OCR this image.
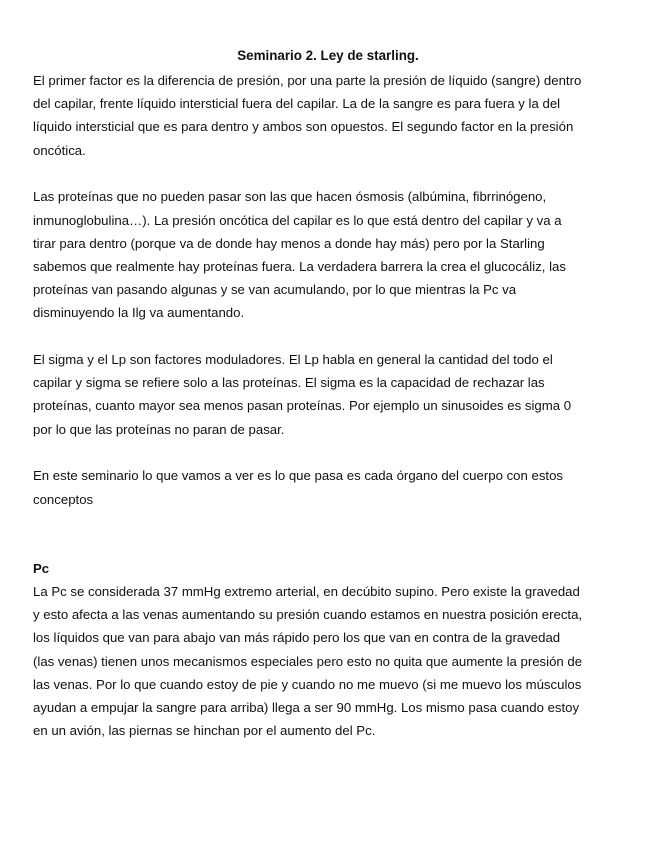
Seminario 2. Ley de starling.

El primer factor es la diferencia de presión, por una parte la presión de líquido (sangre) dentro
del capilar, frente líquido intersticial fuera del capilar. La de la sangre es para fuera y la del
líquido intersticial que es para dentro y ambos son opuestos. El segundo factor en la presión
oncótica.

Las proteínas que no pueden pasar son las que hacen ósmosis (albúmina, fibrrinógeno,
inmunoglobulina…). La presión oncótica del capilar es lo que está dentro del capilar y va a
tirar para dentro (porque va de donde hay menos a donde hay más) pero por la Starling
sabemos que realmente hay proteínas fuera. La verdadera barrera la crea el glucocáliz, las
proteínas van pasando algunas y se van acumulando, por lo que mientras la Pc va
disminuyendo la Ilg va aumentando.

El sigma y el Lp son factores moduladores. El Lp habla en general la cantidad del todo el
capilar y sigma se refiere solo a las proteínas. El sigma es la capacidad de rechazar las
proteínas, cuanto mayor sea menos pasan proteínas. Por ejemplo un sinusoides es sigma 0
por lo que las proteínas no paran de pasar.

En este seminario lo que vamos a ver es lo que pasa es cada órgano del cuerpo con estos
conceptos

Pc

La Pc se considerada 37 mmHg extremo arterial, en decúbito supino. Pero existe la gravedad
y esto afecta a las venas aumentando su presión cuando estamos en nuestra posición erecta,
los líquidos que van para abajo van más rápido pero los que van en contra de la gravedad
(las venas) tienen unos mecanismos especiales pero esto no quita que aumente la presión de
las venas. Por lo que cuando estoy de pie y cuando no me muevo (si me muevo los músculos
ayudan a empujar la sangre para arriba) llega a ser 90 mmHg. Los mismo pasa cuando estoy
en un avión, las piernas se hinchan por el aumento del Pc.
